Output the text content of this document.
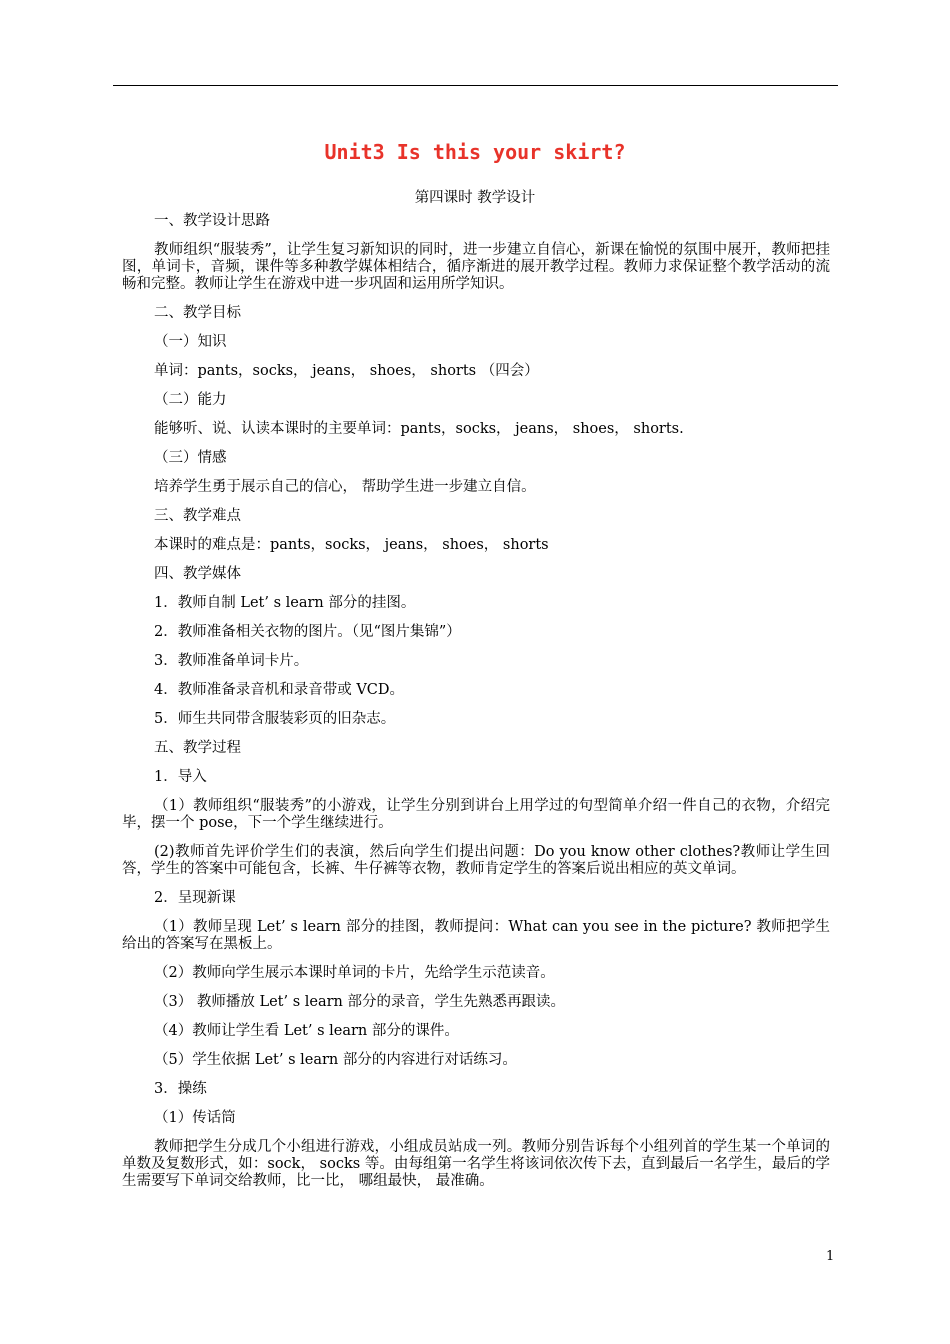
Unit3 Is this your skirt?
第四课时 教学设计

一、教学设计思路

教师组织“服装秀”，让学生复习新知识的同时，进一步建立自信心，新课在愉悦的氛围中展开，教师把挂图，单词卡，音频，课件等多种教学媒体相结合，循序渐进的展开教学过程。教师力求保证整个教学活动的流畅和完整。教师让学生在游戏中进一步巩固和运用所学知识。

二、教学目标

（一）知识

单词：pants，socks， jeans， shoes， shorts （四会）

（二）能力

能够听、说、认读本课时的主要单词：pants，socks， jeans， shoes， shorts.

（三）情感

培养学生勇于展示自己的信心， 帮助学生进一步建立自信。

三、教学难点

本课时的难点是：pants，socks， jeans， shoes， shorts

四、教学媒体

1．教师自制 Let’ s learn 部分的挂图。

2．教师准备相关衣物的图片。（见“图片集锦”）

3．教师准备单词卡片。

4．教师准备录音机和录音带或 VCD。

5．师生共同带含服装彩页的旧杂志。

五、教学过程

1．导入

（1）教师组织“服装秀”的小游戏，让学生分别到讲台上用学过的句型简单介绍一件自己的衣物，介绍完毕，摆一个 pose，下一个学生继续进行。

(2)教师首先评价学生们的表演，然后向学生们提出问题：Do you know other clothes?教师让学生回答，学生的答案中可能包含，长裤、牛仔裤等衣物，教师肯定学生的答案后说出相应的英文单词。

2．呈现新课

（1）教师呈现 Let’ s learn 部分的挂图，教师提问：What can you see in the picture? 教师把学生给出的答案写在黑板上。

（2）教师向学生展示本课时单词的卡片，先给学生示范读音。

（3） 教师播放 Let’ s learn 部分的录音，学生先熟悉再跟读。

（4）教师让学生看 Let’ s learn 部分的课件。

（5）学生依据 Let’ s learn 部分的内容进行对话练习。

3．操练

（1）传话筒

教师把学生分成几个小组进行游戏，小组成员站成一列。教师分别告诉每个小组列首的学生某一个单词的单数及复数形式，如：sock， socks 等。由每组第一名学生将该词依次传下去，直到最后一名学生，最后的学生需要写下单词交给教师，比一比， 哪组最快， 最准确。

1
